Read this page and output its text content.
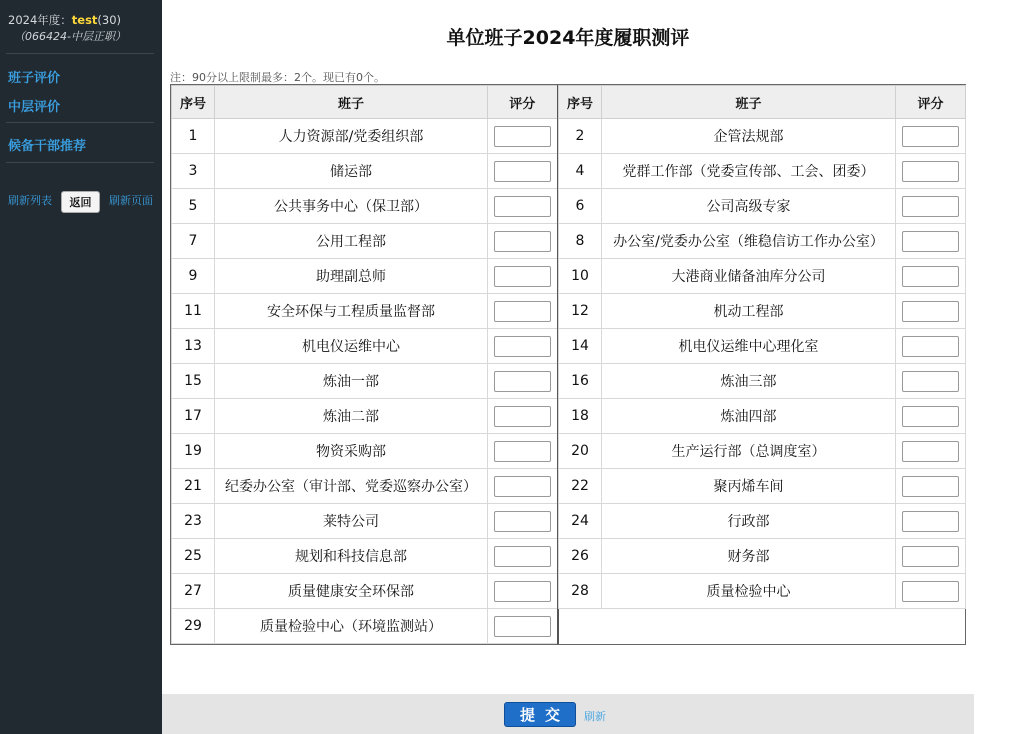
2024年度：test(30)
（066424-中层正职）
班子评价
中层评价
候备干部推荐
刷新列表	返回	刷新页面
单位班子2024年度履职测评
注：90分以上限制最多：2个。现已有0个。
序号	班子	评分
1	人力资源部/党委组织部	

3	储运部	

5	公共事务中心（保卫部）	

7	公用工程部	

9	助理副总师	

11	安全环保与工程质量监督部	

13	机电仪运维中心	

15	炼油一部	

17	炼油二部	

19	物资采购部	

21	纪委办公室（审计部、党委巡察办公室）	

23	莱特公司	

25	规划和科技信息部	

27	质量健康安全环保部	

29	质量检验中心（环境监测站）	
序号	班子	评分
2	企管法规部	

4	党群工作部（党委宣传部、工会、团委）	

6	公司高级专家	

8	办公室/党委办公室（维稳信访工作办公室）	

10	大港商业储备油库分公司	

12	机动工程部	

14	机电仪运维中心理化室	

16	炼油三部	

18	炼油四部	

20	生产运行部（总调度室）	

22	聚丙烯车间	

24	行政部	

26	财务部	

28	质量检验中心	

提交	刷新
